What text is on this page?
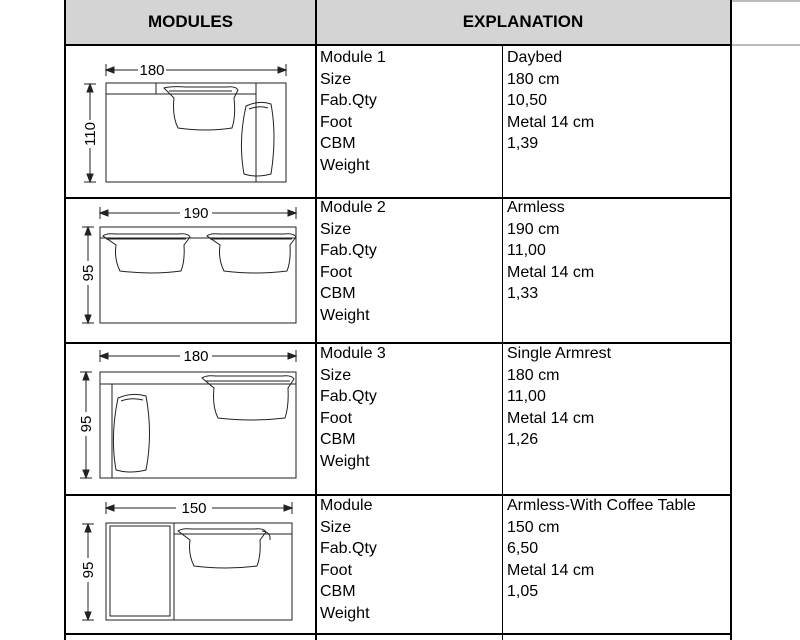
MODULES	EXPLANATION
180
110
Module 1
Size
Fab.Qty
Foot
CBM
Weight
Daybed
180 cm
10,50
Metal 14 cm
1,39
190
95
Module 2
Size
Fab.Qty
Foot
CBM
Weight
Armless
190 cm
11,00
Metal 14 cm
1,33
180
95
Module 3
Size
Fab.Qty
Foot
CBM
Weight
Single Armrest
180 cm
11,00
Metal 14 cm
1,26
150
95
Module
Size
Fab.Qty
Foot
CBM
Weight
Armless-With Coffee Table
150 cm
6,50
Metal 14 cm
1,05
